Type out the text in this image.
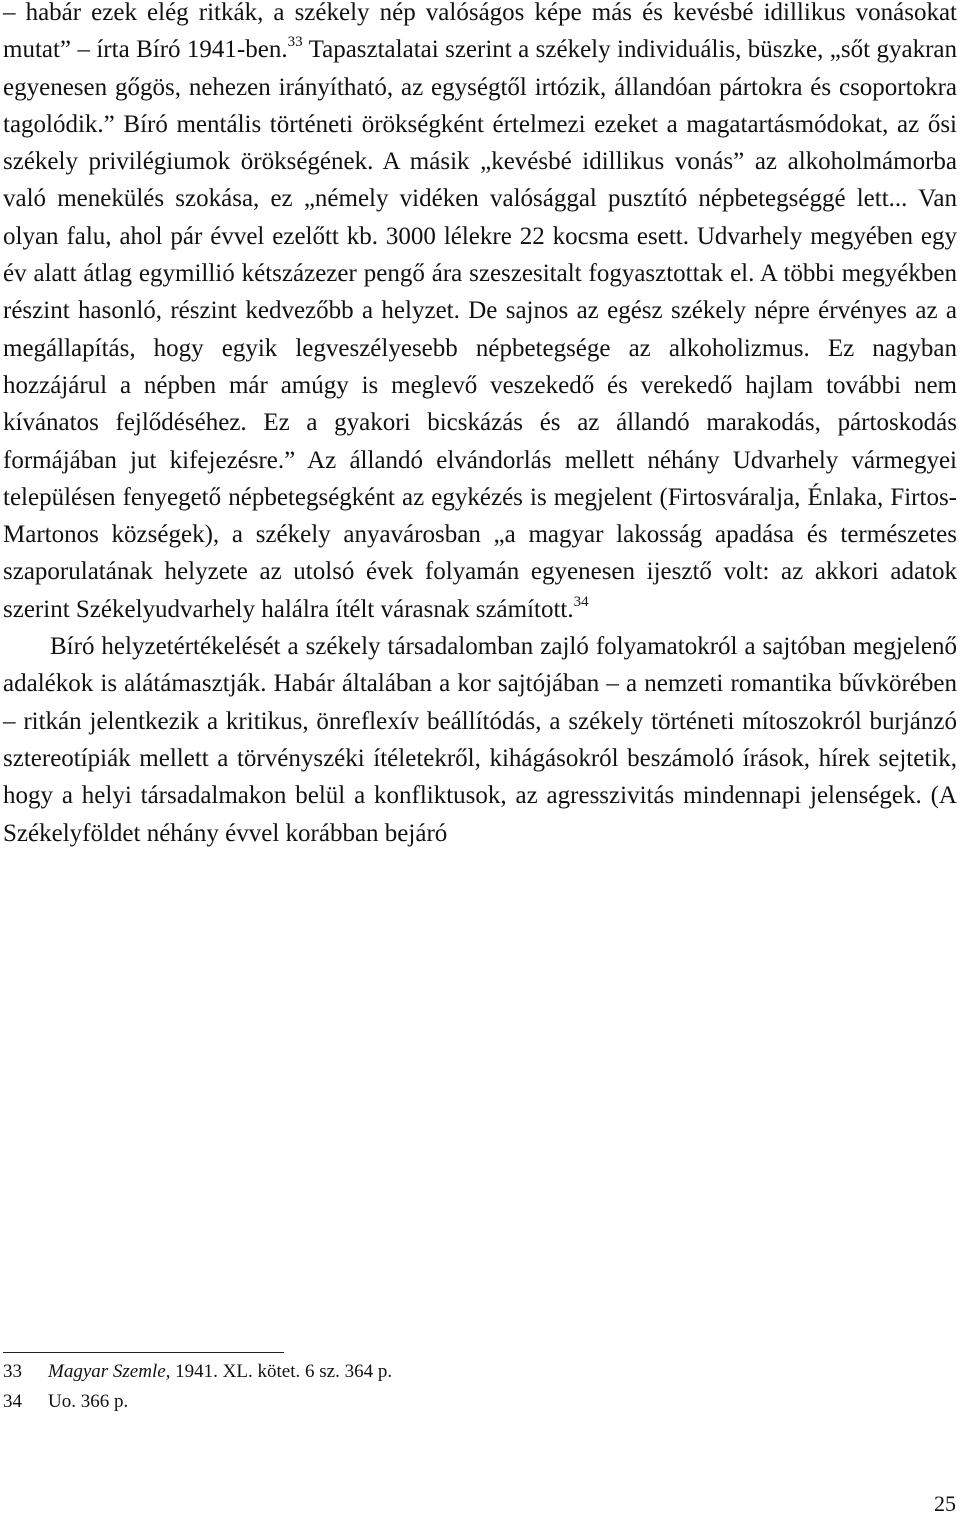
– habár ezek elég ritkák, a székely nép valóságos képe más és kevésbé idillikus vonásokat mutat” – írta Bíró 1941-ben.$^{33}$ Tapasztalatai szerint a székely individuális, büszke, „sőt gyakran egyenesen gőgös, nehezen irányítható, az egységtől irtózik, állandóan pártokra és csoportokra tagolódik.” Bíró mentális történeti örökségként értelmezi ezeket a magatartásmódokat, az ősi székely privilégiumok örökségének. A másik „kevésbé idillikus vonás” az alkoholmámorba való menekülés szokása, ez „némely vidéken valósággal pusztító népbetegséggé lett... Van olyan falu, ahol pár évvel ezelőtt kb. 3000 lélekre 22 kocsma esett. Udvarhely megyében egy év alatt átlag egymillió kétszázezer pengő ára szeszesitalt fogyasztottak el. A többi megyékben részint hasonló, részint kedvezőbb a helyzet. De sajnos az egész székely népre érvényes az a megállapítás, hogy egyik legveszélyesebb népbetegsége az alkoholizmus. Ez nagyban hozzájárul a népben már amúgy is meglevő veszekedő és verekedő hajlam további nem kívánatos fejlődéséhez. Ez a gyakori bicskázás és az állandó marakodás, pártoskodás formájában jut kifejezésre.” Az állandó elvándorlás mellett néhány Udvarhely vármegyei településen fenyegető népbetegségként az egykézés is megjelent (Firtosváralja, Énlaka, Firtos-Martonos községek), a székely anyavárosban „a magyar lakosság apadása és természetes szaporulatának helyzete az utolsó évek folyamán egyenesen ijesztő volt: az akkori adatok szerint Székelyudvarhely halálra ítélt várasnak számított.$^{34}$

Bíró helyzetértékelését a székely társadalomban zajló folyamatokról a sajtóban megjelenő adalékok is alátámasztják. Habár általában a kor sajtójában – a nemzeti romantika bűvkörében – ritkán jelentkezik a kritikus, önreflexív beállítódás, a székely történeti mítoszokról burjánzó sztereotípiák mellett a törvényszéki ítéletekről, kihágásokról beszámoló írások, hírek sejtetik, hogy a helyi társadalmakon belül a konfliktusok, az agresszivitás mindennapi jelenségek. (A Székelyföldet néhány évvel korábban bejáró

33	Magyar Szemle, 1941. XL. kötet. 6 sz. 364 p.
34	Uo. 366 p.
25
